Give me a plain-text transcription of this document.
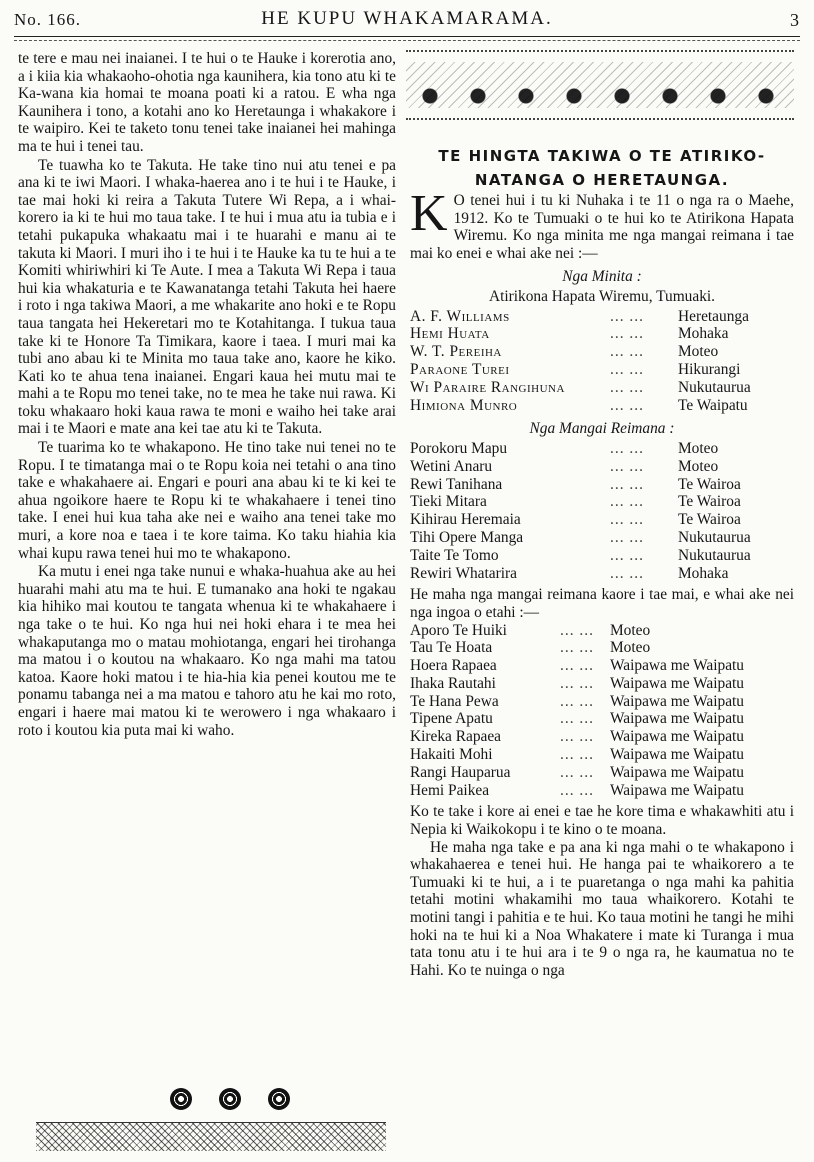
No. 166.	HE KUPU WHAKAMARAMA.	3

te tere e mau nei inaianei. I te hui o te Hauke i korerotia ano, a i kiia kia whakaoho-ohotia nga kaunihera, kia tono atu ki te Ka-wana kia homai te moana poati ki a ratou. E wha nga Kaunihera i tono, a kotahi ano ko Heretaunga i whakakore i te waipiro. Kei te taketo tonu tenei take inaianei hei mahinga ma te hui i tenei tau.

Te tuawha ko te Takuta. He take tino nui atu tenei e pa ana ki te iwi Maori. I whaka-haerea ano i te hui i te Hauke, i tae mai hoki ki reira a Takuta Tutere Wi Repa, a i whai-korero ia ki te hui mo taua take. I te hui i mua atu ia tubia e i tetahi pukapuka whakaatu mai i te huarahi e manu ai te takuta ki Maori. I muri iho i te hui i te Hauke ka tu te hui a te Komiti whiriwhiri ki Te Aute. I mea a Takuta Wi Repa i taua hui kia whakaturia e te Kawanatanga tetahi Takuta hei haere i roto i nga takiwa Maori, a me whakarite ano hoki e te Ropu taua tangata hei Hekeretari mo te Kotahitanga. I tukua taua take ki te Honore Ta Timikara, kaore i taea. I muri mai ka tubi ano abau ki te Minita mo taua take ano, kaore he kiko. Kati ko te ahua tena inaianei. Engari kaua hei mutu mai te mahi a te Ropu mo tenei take, no te mea he take nui rawa. Ki toku whakaaro hoki kaua rawa te moni e waiho hei take arai mai i te Maori e mate ana kei tae atu ki te Takuta.

Te tuarima ko te whakapono. He tino take nui tenei no te Ropu. I te timatanga mai o te Ropu koia nei tetahi o ana tino take e whakahaere ai. Engari e pouri ana abau ki te ki kei te ahua ngoikore haere te Ropu ki te whakahaere i tenei tino take. I enei hui kua taha ake nei e waiho ana tenei take mo muri, a kore noa e taea i te kore taima. Ko taku hiahia kia whai kupu rawa tenei hui mo te whakapono.

Ka mutu i enei nga take nunui e whaka-huahua ake au hei huarahi mahi atu ma te hui. E tumanako ana hoki te ngakau kia hihiko mai koutou te tangata whenua ki te whakahaere i nga take o te hui. Ko nga hui nei hoki ehara i te mea hei whakaputanga mo o matau mohiotanga, engari hei tirohanga ma matou i o koutou na whakaaro. Ko nga mahi ma tatou katoa. Kaore hoki matou i te hia-hia kia penei koutou me te ponamu tabanga nei a ma matou e tahoro atu he kai mo roto, engari i haere mai matou ki te werowero i nga whakaaro i roto i koutou kia puta mai ki waho.

TE HINGTA TAKIWA O TE ATIRIKO-NATANGA O HERETAUNGA.

K O tenei hui i tu ki Nuhaka i te 11 o nga ra o Maehe, 1912. Ko te Tumuaki o te hui ko te Atirikona Hapata Wiremu. Ko nga minita me nga mangai reimana i tae mai ko enei e whai ake nei :—

Nga Minita :
Atirikona Hapata Wiremu, Tumuaki.
A. F. Williams	... ...	Heretaunga
Hemi Huata	... ...	Mohaka
W. T. Pereiha	... ...	Moteo
Paraone Turei	... ...	Hikurangi
Wi Paraire Rangihuna	... ...	Nukutaurua
Himiona Munro	... ...	Te Waipatu
Nga Mangai Reimana :
Porokoru Mapu	... ...	Moteo
Wetini Anaru	... ...	Moteo
Rewi Tanihana	... ...	Te Wairoa
Tieki Mitara	... ...	Te Wairoa
Kihirau Heremaia	... ...	Te Wairoa
Tihi Opere Manga	... ...	Nukutaurua
Taite Te Tomo	... ...	Nukutaurua
Rewiri Whatarira	... ...	Mohaka

He maha nga mangai reimana kaore i tae mai, e whai ake nei nga ingoa o etahi :—

Aporo Te Huiki	... ...	Moteo
Tau Te Hoata	... ...	Moteo
Hoera Rapaea	... ...	Waipawa me Waipatu
Ihaka Rautahi	... ...	Waipawa me Waipatu
Te Hana Pewa	... ...	Waipawa me Waipatu
Tipene Apatu	... ...	Waipawa me Waipatu
Kireka Rapaea	... ...	Waipawa me Waipatu
Hakaiti Mohi	... ...	Waipawa me Waipatu
Rangi Hauparua	... ...	Waipawa me Waipatu
Hemi Paikea	... ...	Waipawa me Waipatu

Ko te take i kore ai enei e tae he kore tima e whakawhiti atu i Nepia ki Waikokopu i te kino o te moana.

He maha nga take e pa ana ki nga mahi o te whakapono i whakahaerea e tenei hui. He hanga pai te whaikorero a te Tumuaki ki te hui, a i te puaretanga o nga mahi ka pahitia tetahi motini whakamihi mo taua whaikorero. Kotahi te motini tangi i pahitia e te hui. Ko taua motini he tangi he mihi hoki na te hui ki a Noa Whakatere i mate ki Turanga i mua tata tonu atu i te hui ara i te 9 o nga ra, he kaumatua no te Hahi. Ko te nuinga o nga
